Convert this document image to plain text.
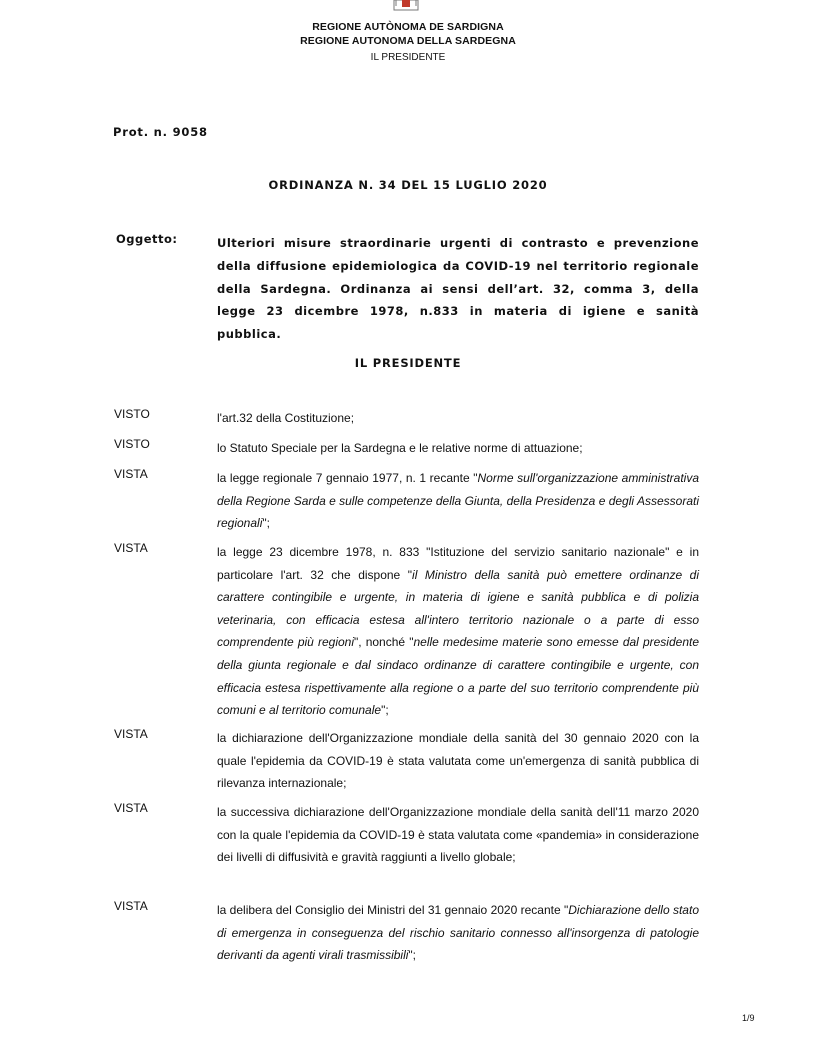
REGIONE AUTÒNOMA DE SARDIGNA
REGIONE AUTONOMA DELLA SARDEGNA
IL PRESIDENTE
Prot. n. 9058
ORDINANZA N. 34 DEL 15 LUGLIO 2020
Oggetto:	Ulteriori misure straordinarie urgenti di contrasto e prevenzione della diffusione epidemiologica da COVID-19 nel territorio regionale della Sardegna. Ordinanza ai sensi dell’art. 32, comma 3, della legge 23 dicembre 1978, n.833 in materia di igiene e sanità pubblica.
IL PRESIDENTE
VISTO	l'art.32 della Costituzione;
VISTO	lo Statuto Speciale per la Sardegna e le relative norme di attuazione;
VISTA	la legge regionale 7 gennaio 1977, n. 1 recante "Norme sull'organizzazione amministrativa della Regione Sarda e sulle competenze della Giunta, della Presidenza e degli Assessorati regionali";
VISTA	la legge 23 dicembre 1978, n. 833 "Istituzione del servizio sanitario nazionale" e in particolare l'art. 32 che dispone "il Ministro della sanità può emettere ordinanze di carattere contingibile e urgente, in materia di igiene e sanità pubblica e di polizia veterinaria, con efficacia estesa all'intero territorio nazionale o a parte di esso comprendente più regioni", nonché "nelle medesime materie sono emesse dal presidente della giunta regionale e dal sindaco ordinanze di carattere contingibile e urgente, con efficacia estesa rispettivamente alla regione o a parte del suo territorio comprendente più comuni e al territorio comunale";
VISTA	la dichiarazione dell'Organizzazione mondiale della sanità del 30 gennaio 2020 con la quale l'epidemia da COVID-19 è stata valutata come un'emergenza di sanità pubblica di rilevanza internazionale;
VISTA	la successiva dichiarazione dell'Organizzazione mondiale della sanità dell'11 marzo 2020 con la quale l'epidemia da COVID-19 è stata valutata come «pandemia» in considerazione dei livelli di diffusività e gravità raggiunti a livello globale;
VISTA	la delibera del Consiglio dei Ministri del 31 gennaio 2020 recante "Dichiarazione dello stato di emergenza in conseguenza del rischio sanitario connesso all'insorgenza di patologie derivanti da agenti virali trasmissibili";
1/9
